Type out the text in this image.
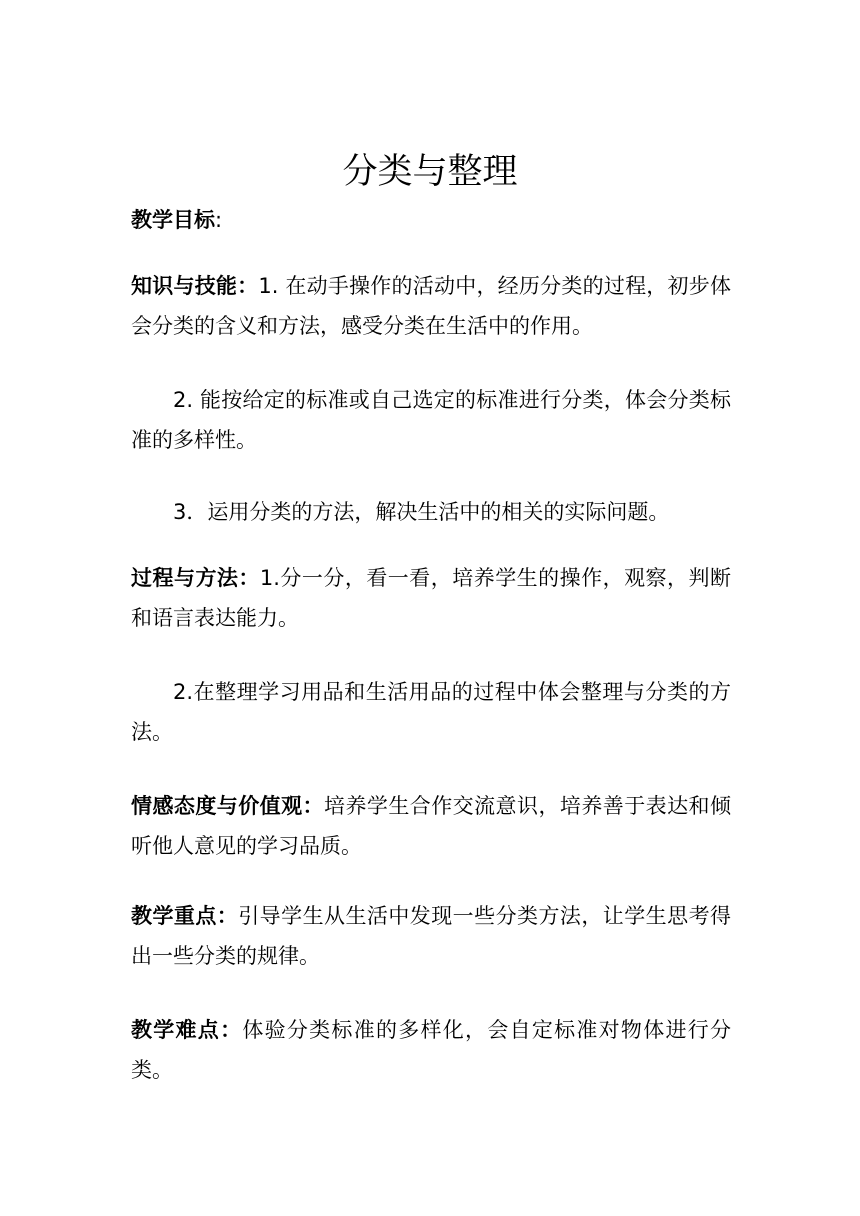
分类与整理

教学目标:

知识与技能：1. 在动手操作的活动中，经历分类的过程，初步体会分类的含义和方法，感受分类在生活中的作用。

2. 能按给定的标准或自己选定的标准进行分类，体会分类标准的多样性。

3．运用分类的方法，解决生活中的相关的实际问题。

过程与方法：1.分一分，看一看，培养学生的操作，观察，判断和语言表达能力。

2.在整理学习用品和生活用品的过程中体会整理与分类的方法。

情感态度与价值观：培养学生合作交流意识，培养善于表达和倾听他人意见的学习品质。

教学重点：引导学生从生活中发现一些分类方法，让学生思考得出一些分类的规律。

教学难点：体验分类标准的多样化，会自定标准对物体进行分类。
